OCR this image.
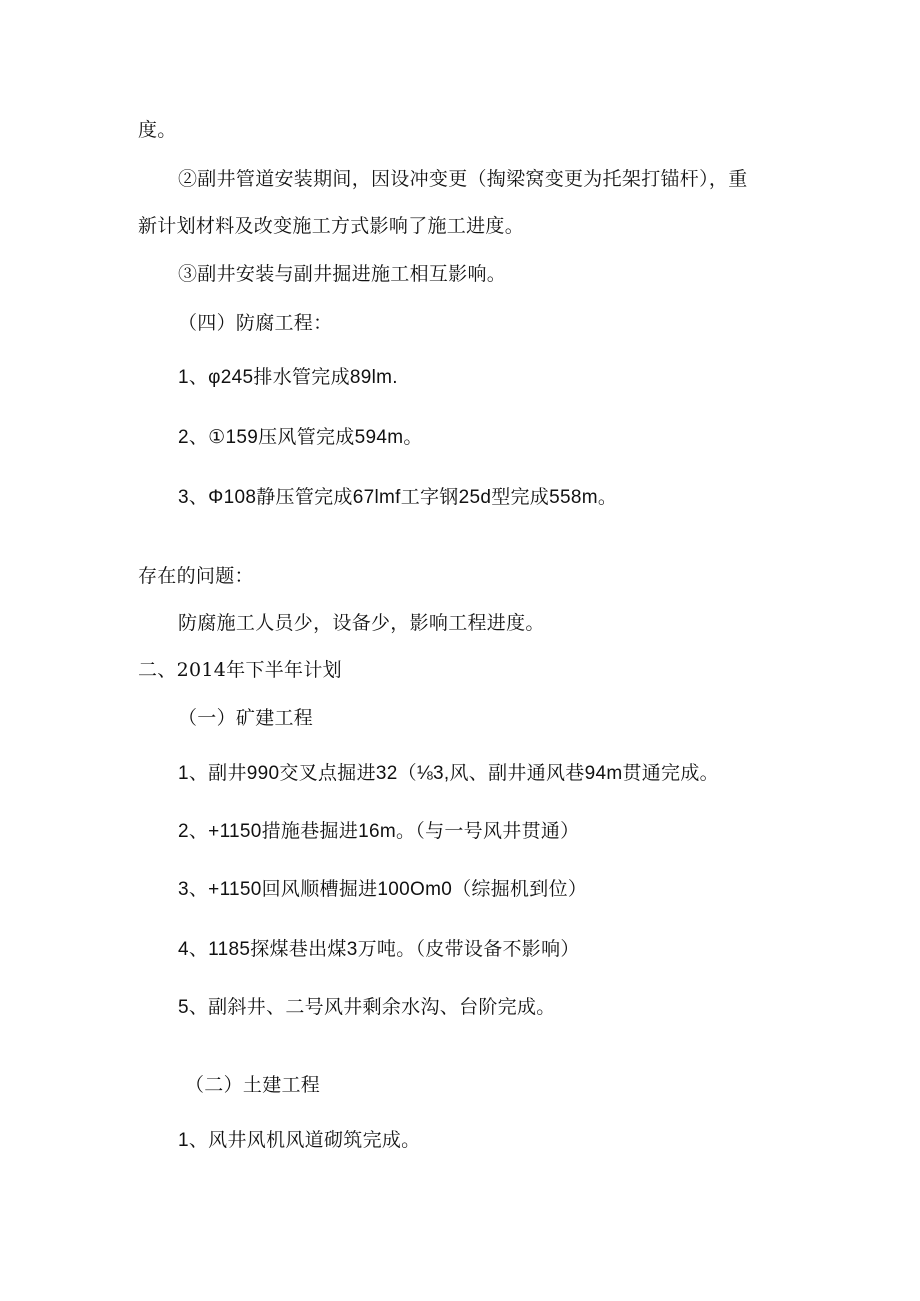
度。
②副井管道安装期间，因设冲变更（掏梁窝变更为托架打锚杆），重
新计划材料及改变施工方式影响了施工进度。
③副井安装与副井掘进施工相互影响。
（四）防腐工程：
1、φ245排水管完成89lm.
2、①159压风管完成594m。
3、Φ108静压管完成67lmf工字钢25d型完成558m。
存在的问题：
防腐施工人员少，设备少，影响工程进度。
二、2014年下半年计划
（一）矿建工程
1、副井990交叉点掘进32（⅛3,风、副井通风巷94m贯通完成。
2、+1150措施巷掘进16m。（与一号风井贯通）
3、+1150回风顺槽掘进100Om0（综掘机到位）
4、1185探煤巷出煤3万吨。（皮带设备不影响）
5、副斜井、二号风井剩余水沟、台阶完成。
（二）土建工程
1、风井风机风道砌筑完成。
